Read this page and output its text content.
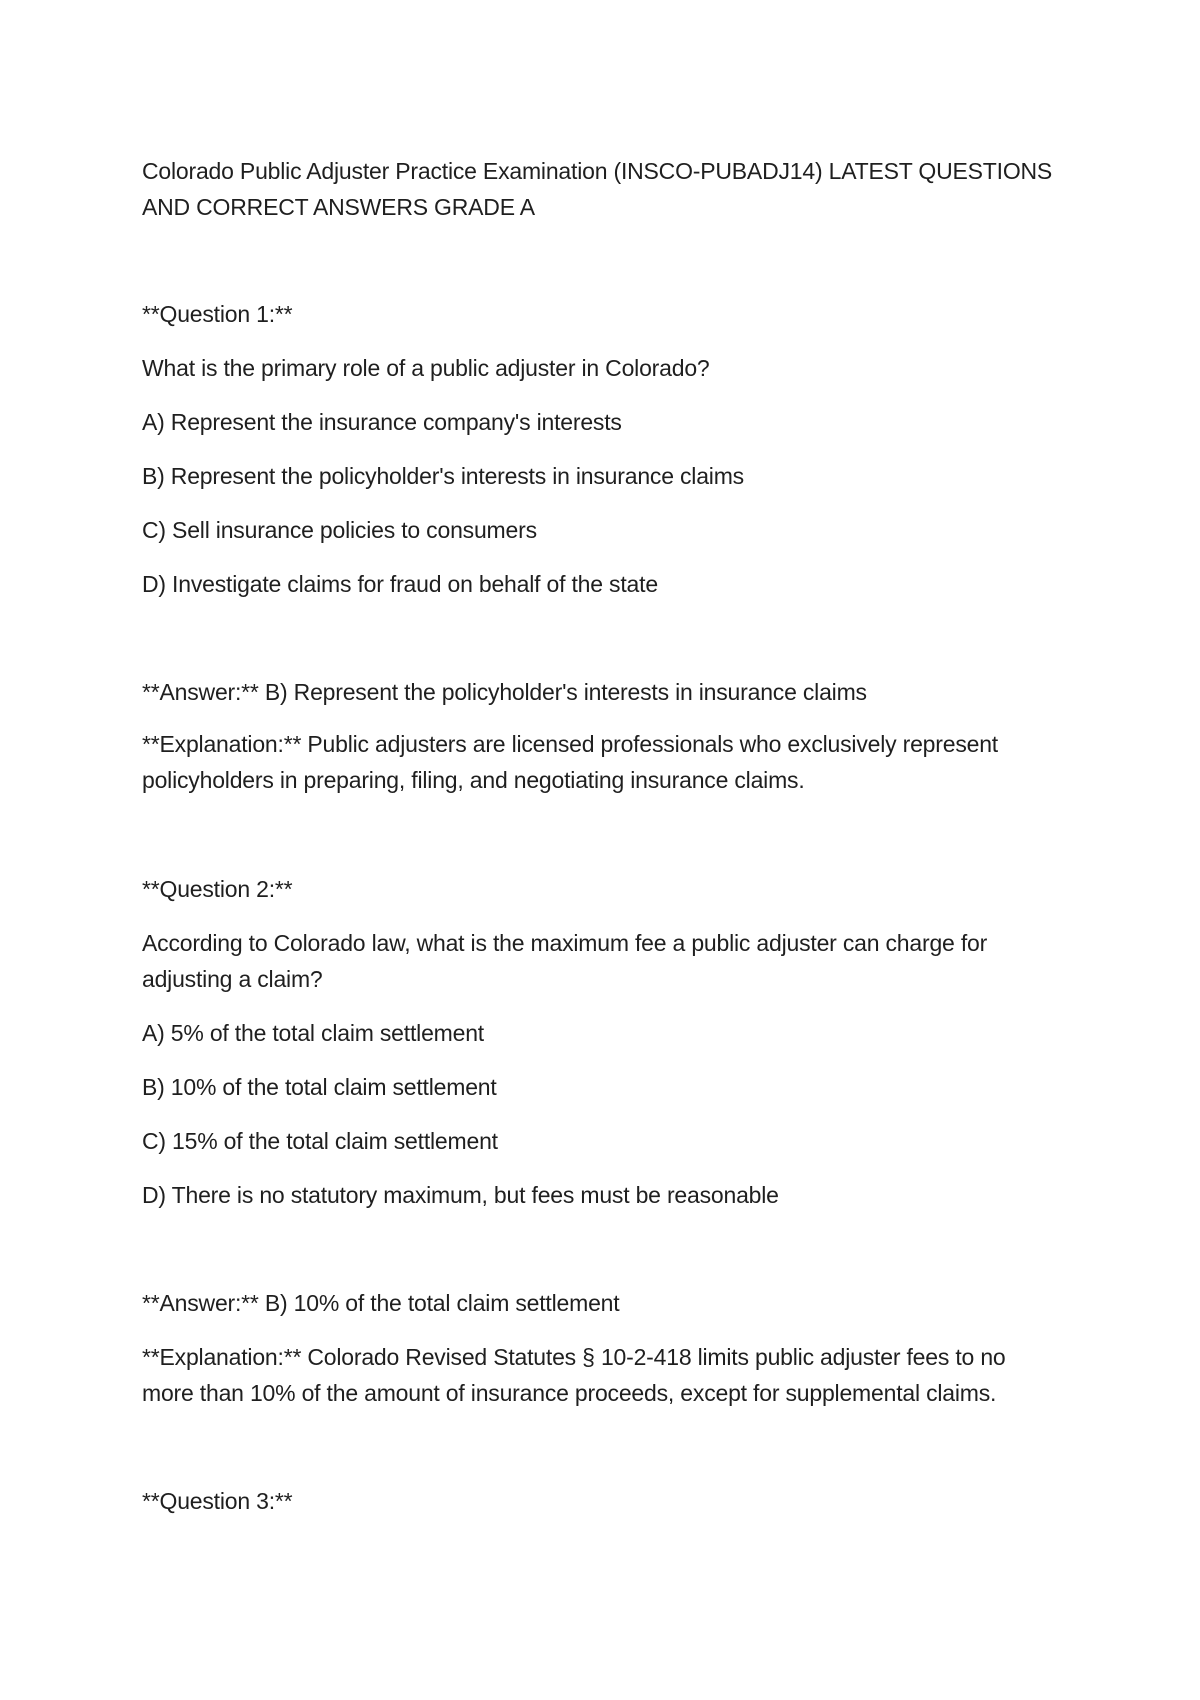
Colorado Public Adjuster Practice Examination (INSCO-PUBADJ14) LATEST QUESTIONS

AND CORRECT ANSWERS GRADE A

**Question 1:**

What is the primary role of a public adjuster in Colorado?

A) Represent the insurance company's interests

B) Represent the policyholder's interests in insurance claims

C) Sell insurance policies to consumers

D) Investigate claims for fraud on behalf of the state

**Answer:** B) Represent the policyholder's interests in insurance claims

**Explanation:** Public adjusters are licensed professionals who exclusively represent

policyholders in preparing, filing, and negotiating insurance claims.

**Question 2:**

According to Colorado law, what is the maximum fee a public adjuster can charge for

adjusting a claim?

A) 5% of the total claim settlement

B) 10% of the total claim settlement

C) 15% of the total claim settlement

D) There is no statutory maximum, but fees must be reasonable

**Answer:** B) 10% of the total claim settlement

**Explanation:** Colorado Revised Statutes § 10-2-418 limits public adjuster fees to no

more than 10% of the amount of insurance proceeds, except for supplemental claims.

**Question 3:**
